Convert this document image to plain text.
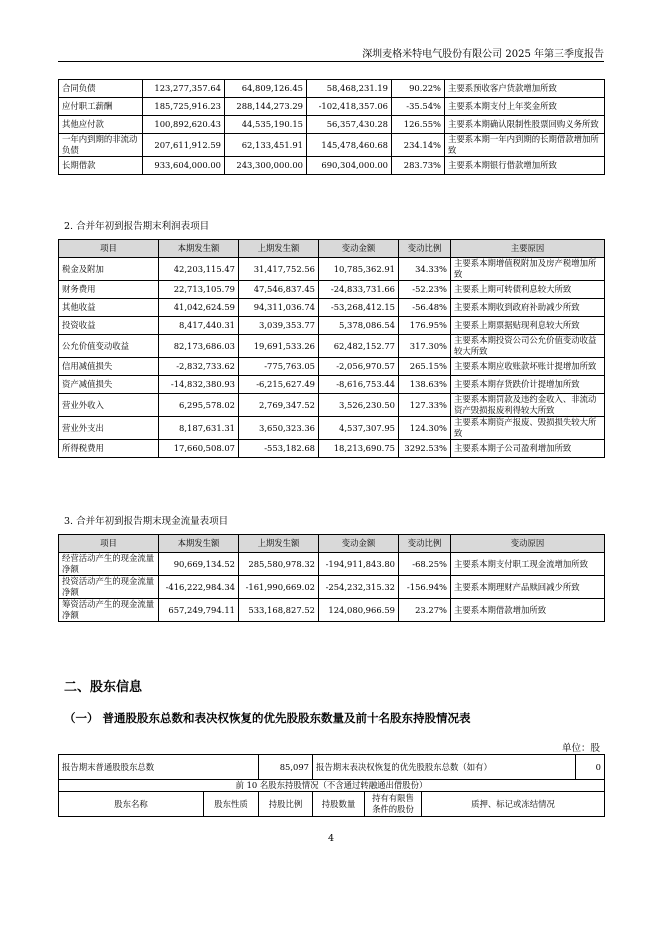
深圳麦格米特电气股份有限公司 2025 年第三季度报告
合同负债	123,277,357.64	64,809,126.45	58,468,231.19	90.22%	主要系预收客户货款增加所致
应付职工薪酬	185,725,916.23	288,144,273.29	-102,418,357.06	-35.54%	主要系本期支付上年奖金所致
其他应付款	100,892,620.43	44,535,190.15	56,357,430.28	126.55%	主要系本期确认限制性股票回购义务所致
一年内到期的非流动负债	207,611,912.59	62,133,451.91	145,478,460.68	234.14%	主要系本期一年内到期的长期借款增加所致
长期借款	933,604,000.00	243,300,000.00	690,304,000.00	283.73%	主要系本期银行借款增加所致
2. 合并年初到报告期末利润表项目
项目	本期发生额	上期发生额	变动金额	变动比例	主要原因
税金及附加	42,203,115.47	31,417,752.56	10,785,362.91	34.33%	主要系本期增值税附加及房产税增加所致
财务费用	22,713,105.79	47,546,837.45	-24,833,731.66	-52.23%	主要系上期可转债利息较大所致
其他收益	41,042,624.59	94,311,036.74	-53,268,412.15	-56.48%	主要系本期收到政府补助减少所致
投资收益	8,417,440.31	3,039,353.77	5,378,086.54	176.95%	主要系上期票据贴现利息较大所致
公允价值变动收益	82,173,686.03	19,691,533.26	62,482,152.77	317.30%	主要系本期投资公司公允价值变动收益较大所致
信用减值损失	-2,832,733.62	-775,763.05	-2,056,970.57	265.15%	主要系本期应收账款坏账计提增加所致
资产减值损失	-14,832,380.93	-6,215,627.49	-8,616,753.44	138.63%	主要系本期存货跌价计提增加所致
营业外收入	6,295,578.02	2,769,347.52	3,526,230.50	127.33%	主要系本期罚款及违约金收入、非流动资产毁损报废利得较大所致
营业外支出	8,187,631.31	3,650,323.36	4,537,307.95	124.30%	主要系本期资产报废、毁损损失较大所致
所得税费用	17,660,508.07	-553,182.68	18,213,690.75	3292.53%	主要系本期子公司盈利增加所致
3. 合并年初到报告期末现金流量表项目
项目	本期发生额	上期发生额	变动金额	变动比例	变动原因
经营活动产生的现金流量净额	90,669,134.52	285,580,978.32	-194,911,843.80	-68.25%	主要系本期支付职工现金流增加所致
投资活动产生的现金流量净额	-416,222,984.34	-161,990,669.02	-254,232,315.32	-156.94%	主要系本期理财产品赎回减少所致
筹资活动产生的现金流量净额	657,249,794.11	533,168,827.52	124,080,966.59	23.27%	主要系本期借款增加所致
二、股东信息
（一） 普通股股东总数和表决权恢复的优先股股东数量及前十名股东持股情况表
单位：股
报告期末普通股股东总数		85,097	报告期末表决权恢复的优先股股东总数（如有）			0
前 10 名股东持股情况（不含通过转融通出借股份）						
股东名称	股东性质	持股比例	持股数量	持有有限售条件的股份	质押、标记或冻结情况	
4
